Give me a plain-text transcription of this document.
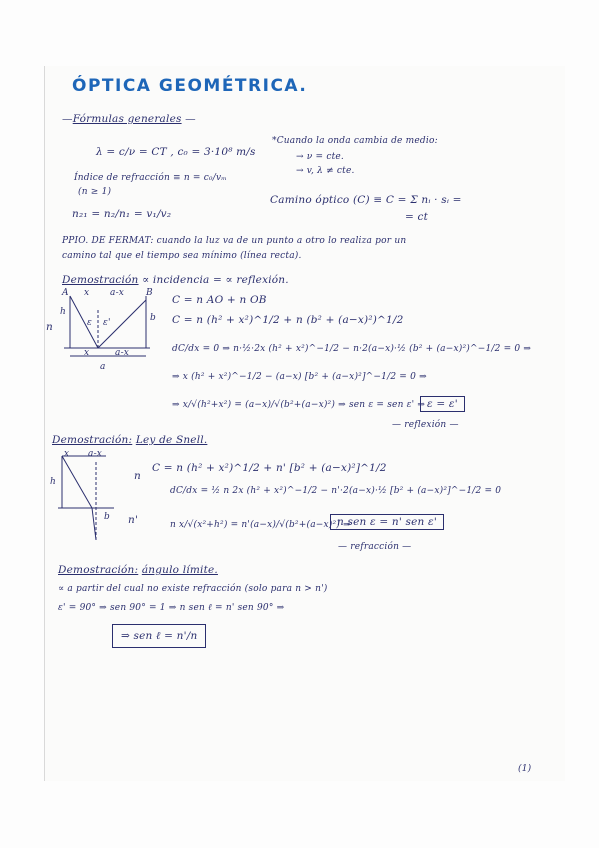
ÓPTICA GEOMÉTRICA.
—Fórmulas generales —
λ = c/ν = CT , c₀ = 3·10⁸ m/s
Índice de refracción ≡ n = c₀/vₘ
(n ≥ 1)
n₂₁ = n₂/n₁ = v₁/v₂
*Cuando la onda cambia de medio:
→ ν = cte.
→ v, λ ≠ cte.
Camino óptico (C) ≡ C = Σ nᵢ · sᵢ =
= ct
PPIO. DE FERMAT: cuando la luz va de un punto a otro lo realiza por un
camino tal que el tiempo sea mínimo (línea recta).
Demostración ∝ incidencia = ∝ reflexión.
A	B
x a-x
h
b
n	ε ε'
x	a-x
a
C = n AO + n OB
C = n (h² + x²)^1/2 + n (b² + (a−x)²)^1/2
dC/dx = 0 ⇒ n·½·2x (h² + x²)^−1/2 − n·2(a−x)·½ (b² + (a−x)²)^−1/2 = 0 ⇒
⇒ x (h² + x²)^−1/2 − (a−x) [b² + (a−x)²]^−1/2 = 0 ⇒
⇒ x/√(h²+x²) = (a−x)/√(b²+(a−x)²) ⇒ sen ε = sen ε' ⇒ ε = ε'
— reflexión —
Demostración: Ley de Snell.
x a-x
h
b
n
C = n (h² + x²)^1/2 + n' [b² + (a−x)²]^1/2
dC/dx = ½ n 2x (h² + x²)^−1/2 − n'·2(a−x)·½ [b² + (a−x)²]^−1/2 = 0
n'	n x/√(x²+h²) = n'(a−x)/√(b²+(a−x)²) ⇒
n sen ε = n' sen ε'
— refracción —
Demostración: ángulo límite.
∝ a partir del cual no existe refracción (solo para n > n')
ε' = 90° ⇒ sen 90° = 1 ⇒ n sen ℓ = n' sen 90° ⇒
⇒ sen ℓ = n'/n
(1)
